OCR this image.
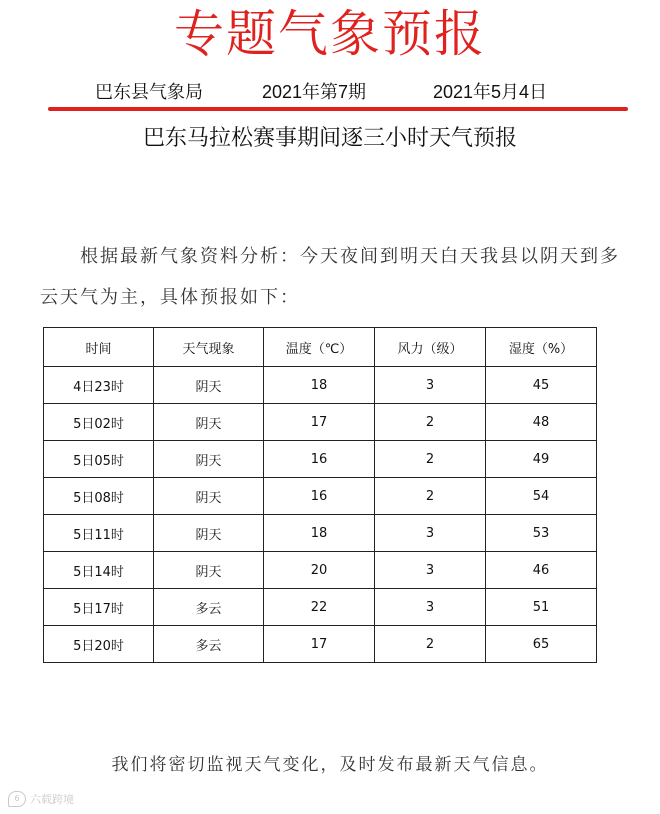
专题气象预报
巴东县气象局	2021年第7期	2021年5月4日
巴东马拉松赛事期间逐三小时天气预报
根据最新气象资料分析：今天夜间到明天白天我县以阴天到多云天气为主，具体预报如下：
时间	天气现象	温度（℃）	风力（级）	湿度（%）
4日23时	阴天	18	3	45
5日02时	阴天	17	2	48
5日05时	阴天	16	2	49
5日08时	阴天	16	2	54
5日11时	阴天	18	3	53
5日14时	阴天	20	3	46
5日17时	多云	22	3	51
5日20时	多云	17	2	65
我们将密切监视天气变化，及时发布最新天气信息。
6 六载跨境
